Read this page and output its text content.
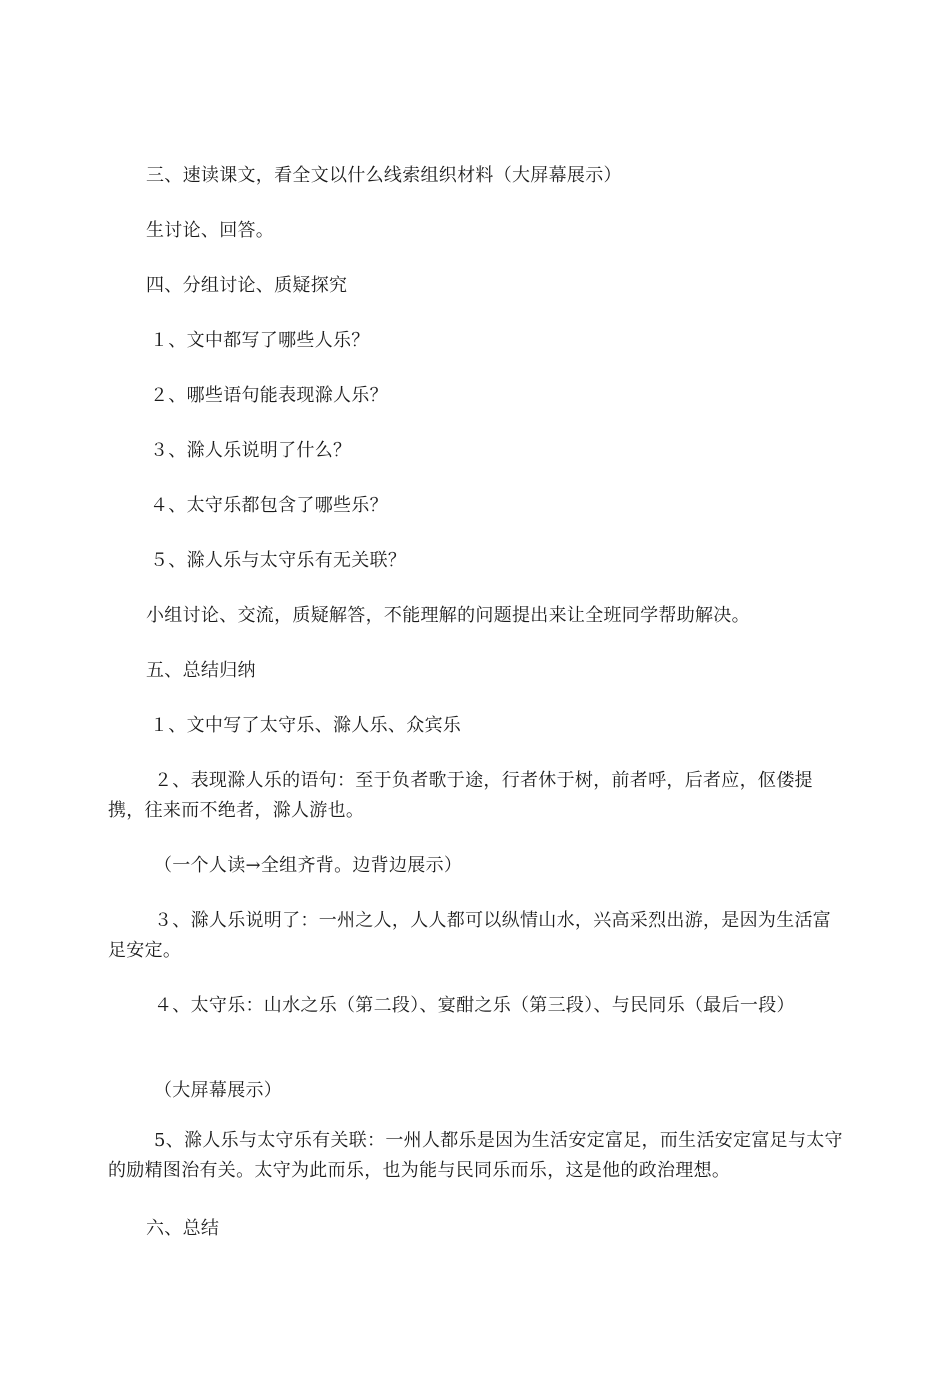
三、速读课文，看全文以什么线索组织材料（大屏幕展示）

生讨论、回答。

四、分组讨论、质疑探究

１、文中都写了哪些人乐？

２、哪些语句能表现滁人乐？

３、滁人乐说明了什么？

４、太守乐都包含了哪些乐？

５、滁人乐与太守乐有无关联？

小组讨论、交流，质疑解答，不能理解的问题提出来让全班同学帮助解决。

五、总结归纳

１、文中写了太守乐、滁人乐、众宾乐

２、表现滁人乐的语句：至于负者歌于途，行者休于树，前者呼，后者应，伛偻提携，往来而不绝者，滁人游也。

（一个人读→全组齐背。边背边展示）

３、滁人乐说明了：一州之人，人人都可以纵情山水，兴高采烈出游，是因为生活富足安定。

４、太守乐：山水之乐（第二段）、宴酣之乐（第三段）、与民同乐（最后一段）

（大屏幕展示）

5、滁人乐与太守乐有关联：一州人都乐是因为生活安定富足，而生活安定富足与太守的励精图治有关。太守为此而乐，也为能与民同乐而乐，这是他的政治理想。

六、总结
